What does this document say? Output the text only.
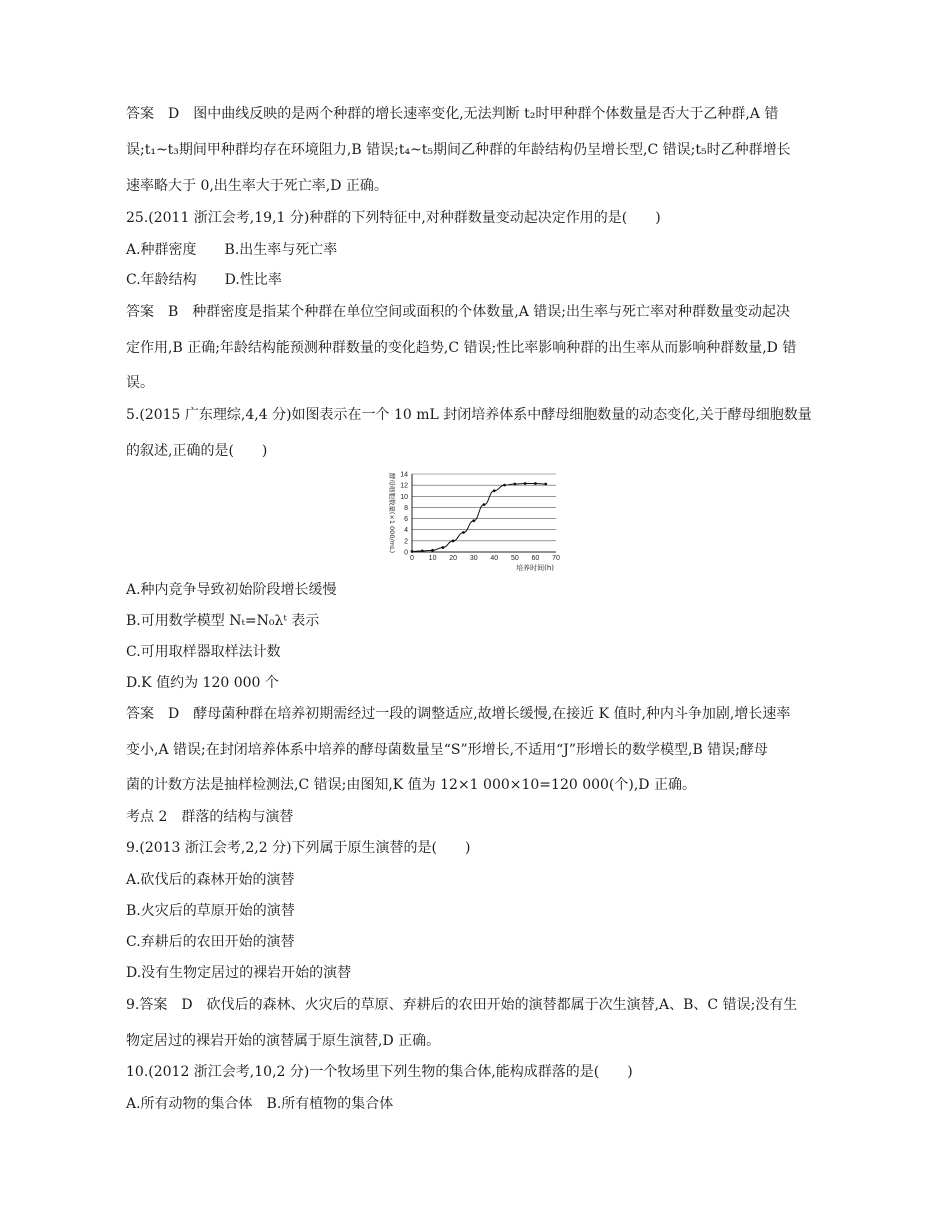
答案　D　图中曲线反映的是两个种群的增长速率变化,无法判断 t₂时甲种群个体数量是否大于乙种群,A 错
误;t₁~t₃期间甲种群均存在环境阻力,B 错误;t₄~t₅期间乙种群的年龄结构仍呈增长型,C 错误;t₅时乙种群增长
速率略大于 0,出生率大于死亡率,D 正确。
25.(2011 浙江会考,19,1 分)种群的下列特征中,对种群数量变动起决定作用的是(　　)
A.种群密度　　B.出生率与死亡率
C.年龄结构　　D.性比率
答案　B　种群密度是指某个种群在单位空间或面积的个体数量,A 错误;出生率与死亡率对种群数量变动起决
定作用,B 正确;年龄结构能预测种群数量的变化趋势,C 错误;性比率影响种群的出生率从而影响种群数量,D 错
误。
5.(2015 广东理综,4,4 分)如图表示在一个 10 mL 封闭培养体系中酵母细胞数量的动态变化,关于酵母细胞数量
的叙述,正确的是(　　)
0
2
4
6
8
10
12
14
0 10 20 30 40 50 60 70
培养时间(h)
酵母细胞数量(×1 000/mL)
A.种内竞争导致初始阶段增长缓慢
B.可用数学模型 Nₜ=N₀λᵗ 表示
C.可用取样器取样法计数
D.K 值约为 120 000 个
答案　D　酵母菌种群在培养初期需经过一段的调整适应,故增长缓慢,在接近 K 值时,种内斗争加剧,增长速率
变小,A 错误;在封闭培养体系中培养的酵母菌数量呈“S”形增长,不适用“J”形增长的数学模型,B 错误;酵母
菌的计数方法是抽样检测法,C 错误;由图知,K 值为 12×1 000×10=120 000(个),D 正确。
考点 2　群落的结构与演替
9.(2013 浙江会考,2,2 分)下列属于原生演替的是(　　)
A.砍伐后的森林开始的演替
B.火灾后的草原开始的演替
C.弃耕后的农田开始的演替
D.没有生物定居过的裸岩开始的演替
9.答案　D　砍伐后的森林、火灾后的草原、弃耕后的农田开始的演替都属于次生演替,A、B、C 错误;没有生
物定居过的裸岩开始的演替属于原生演替,D 正确。
10.(2012 浙江会考,10,2 分)一个牧场里下列生物的集合体,能构成群落的是(　　)
A.所有动物的集合体　B.所有植物的集合体
